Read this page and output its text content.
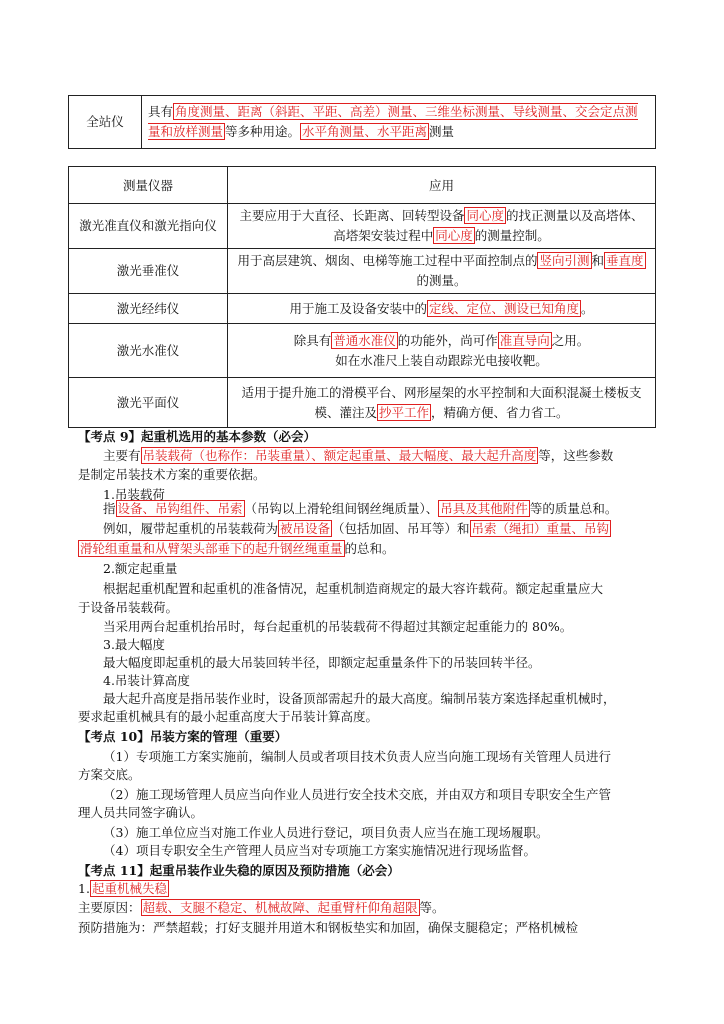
全站仪	具有 角度测量、距离（斜距、平距、高差）测量、三维坐标测量、导线测量、交会定点测量和放样测量 等多种用途。 水平角测量、水平距离 测量
测量仪器	应用
激光准直仪和激光指向仪	主要应用于大直径、长距离、回转型设备 同心度 的找正测量以及高塔体、高塔架安装过程中 同心度 的测量控制。
激光垂准仪	用于高层建筑、烟囱、电梯等施工过程中平面控制点的 竖向引测 和 垂直度的测量。
激光经纬仪	用于施工及设备安装中的 定线、定位、测设已知角度 。
激光水准仪	除具有 普通水准仪 的功能外，尚可作 准直导向 之用。
如在水准尺上装自动跟踪光电接收靶。
激光平面仪	适用于提升施工的滑模平台、网形屋架的水平控制和大面积混凝土楼板支模、灌注及 抄平工作 ，精确方便、省力省工。
【考点 9】起重机选用的基本参数（必会）
主要有 吊装载荷（也称作：吊装重量）、额定起重量、最大幅度、最大起升高度 等，这些参数
是制定吊装技术方案的重要依据。
1.吊装载荷
指 设备、吊钩组件、吊索 （吊钩以上滑轮组间钢丝绳质量）、 吊具及其他附件 等的质量总和。
例如，履带起重机的吊装载荷为 被吊设备 （包括加固、吊耳等）和 吊索（绳扣）重量、吊钩
滑轮组重量和从臂架头部垂下的起升钢丝绳重量 的总和。
2.额定起重量
根据起重机配置和起重机的准备情况，起重机制造商规定的最大容许载荷。额定起重量应大
于设备吊装载荷。
当采用两台起重机抬吊时，每台起重机的吊装载荷不得超过其额定起重能力的 80%。
3.最大幅度
最大幅度即起重机的最大吊装回转半径，即额定起重量条件下的吊装回转半径。
4.吊装计算高度
最大起升高度是指吊装作业时，设备顶部需起升的最大高度。编制吊装方案选择起重机械时，
要求起重机械具有的最小起重高度大于吊装计算高度。
【考点 10】吊装方案的管理（重要）
（1）专项施工方案实施前，编制人员或者项目技术负责人应当向施工现场有关管理人员进行
方案交底。
（2）施工现场管理人员应当向作业人员进行安全技术交底，并由双方和项目专职安全生产管
理人员共同签字确认。
（3）施工单位应当对施工作业人员进行登记，项目负责人应当在施工现场履职。
（4）项目专职安全生产管理人员应当对专项施工方案实施情况进行现场监督。
【考点 11】起重吊装作业失稳的原因及预防措施（必会）
1. 起重机械失稳
主要原因： 超载、支腿不稳定、机械故障、起重臂杆仰角超限 等。
预防措施为：严禁超载；打好支腿并用道木和钢板垫实和加固，确保支腿稳定；严格机械检
